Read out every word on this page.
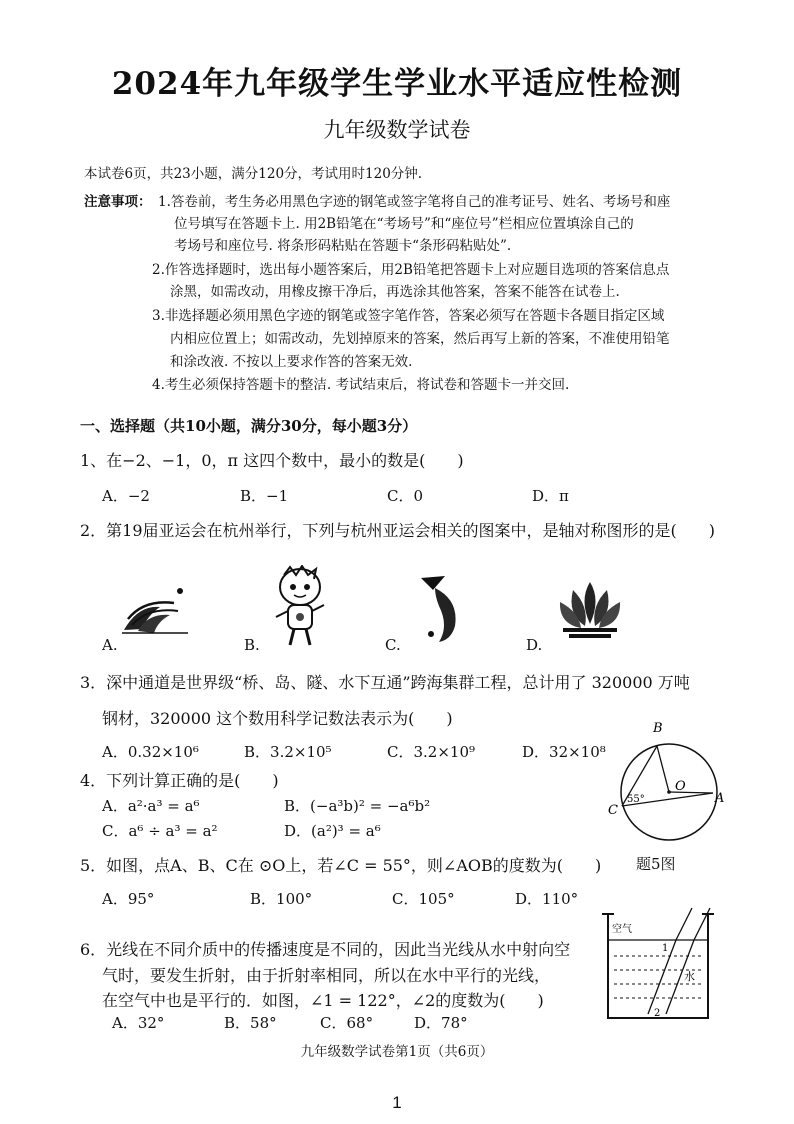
2024年九年级学生学业水平适应性检测
九年级数学试卷
本试卷6页，共23小题，满分120分，考试用时120分钟.
注意事项： 1.答卷前，考生务必用黑色字迹的钢笔或签字笔将自己的准考证号、姓名、考场号和座
位号填写在答题卡上. 用2B铅笔在“考场号”和“座位号”栏相应位置填涂自己的
考场号和座位号. 将条形码粘贴在答题卡“条形码粘贴处”.
2.作答选择题时，选出每小题答案后，用2B铅笔把答题卡上对应题目选项的答案信息点
涂黑，如需改动，用橡皮擦干净后，再选涂其他答案，答案不能答在试卷上.
3.非选择题必须用黑色字迹的钢笔或签字笔作答，答案必须写在答题卡各题目指定区域
内相应位置上；如需改动，先划掉原来的答案，然后再写上新的答案，不准使用铅笔
和涂改液. 不按以上要求作答的答案无效.
4.考生必须保持答题卡的整洁. 考试结束后，将试卷和答题卡一并交回.
一、选择题（共10小题，满分30分，每小题3分）
1、在−2、−1，0，π 这四个数中，最小的数是(　　)
A．−2	B．−1	C．0	D．π
2．第19届亚运会在杭州举行，下列与杭州亚运会相关的图案中，是轴对称图形的是(　　)
A.	B.	C.	D.
3．深中通道是世界级“桥、岛、隧、水下互通”跨海集群工程，总计用了 320000 万吨
钢材，320000 这个数用科学记数法表示为(　　)
A．0.32×10⁶	B．3.2×10⁵	C．3.2×10⁹	D．32×10⁸
B
C
O
A
55°
4．下列计算正确的是(　　)
A．a²·a³ = a⁶	B．(−a³b)² = −a⁶b²
C．a⁶ ÷ a³ = a²	D．(a²)³ = a⁶
5．如图，点A、B、C在 ⊙O上，若∠C = 55°，则∠AOB的度数为(　　) 题5图
A．95°	B．100°	C．105°	D．110°
6．光线在不同介质中的传播速度是不同的，因此当光线从水中射向空
气时，要发生折射，由于折射率相同，所以在水中平行的光线，
在空气中也是平行的．如图，∠1 = 122°，∠2的度数为(　　)
A．32°	B．58°	C．68°	D．78°
空气
水
1
2
九年级数学试卷第1页（共6页）
1
